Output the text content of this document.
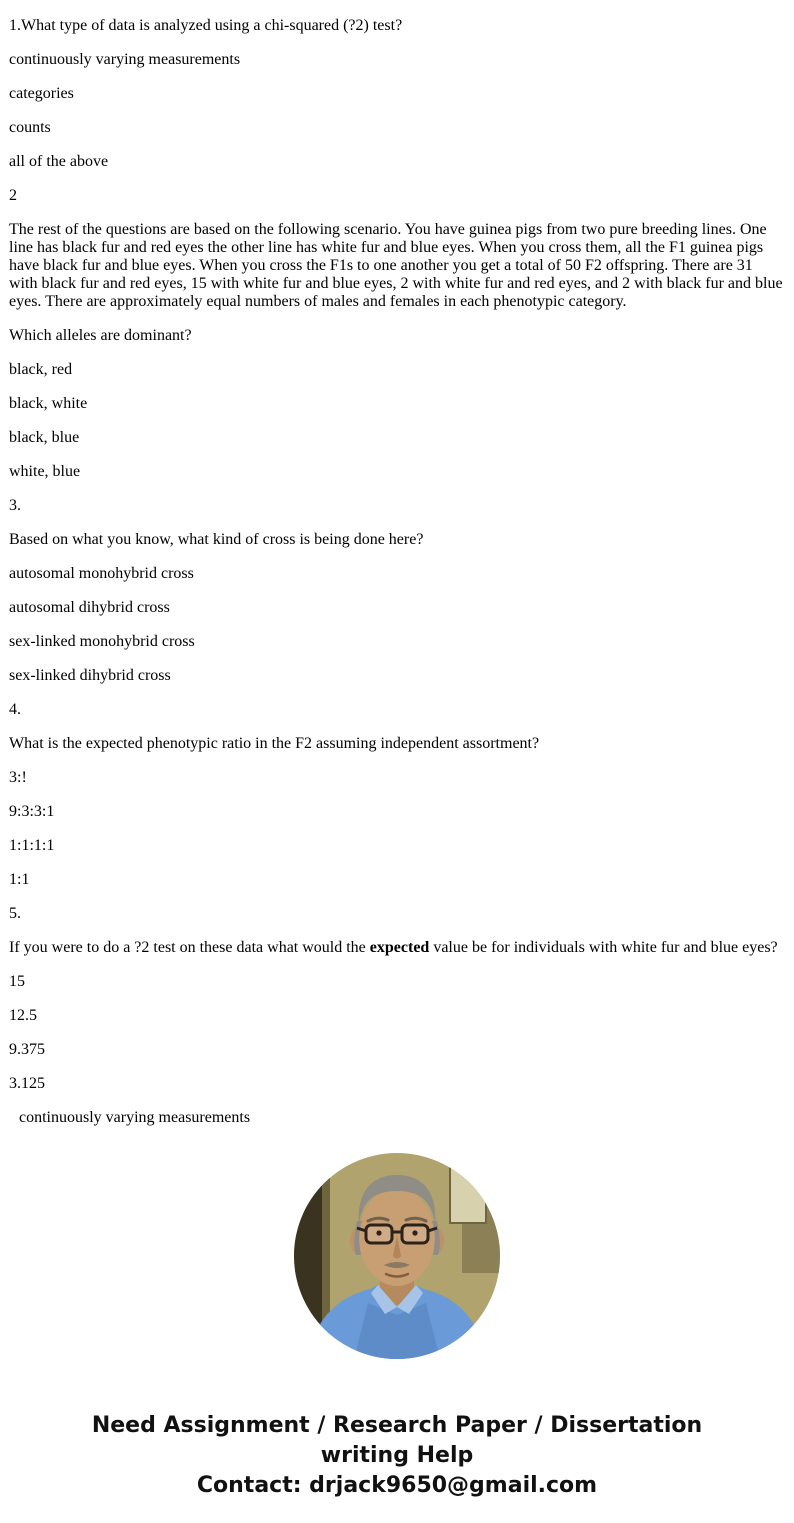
1.What type of data is analyzed using a chi-squared (?2) test?

continuously varying measurements

categories

counts

all of the above

2

The rest of the questions are based on the following scenario. You have guinea pigs from two pure breeding lines. One line has black fur and red eyes the other line has white fur and blue eyes. When you cross them, all the F1 guinea pigs have black fur and blue eyes. When you cross the F1s to one another you get a total of 50 F2 offspring. There are 31 with black fur and red eyes, 15 with white fur and blue eyes, 2 with white fur and red eyes, and 2 with black fur and blue eyes. There are approximately equal numbers of males and females in each phenotypic category.

Which alleles are dominant?

black, red

black, white

black, blue

white, blue

3.

Based on what you know, what kind of cross is being done here?

autosomal monohybrid cross

autosomal dihybrid cross

sex-linked monohybrid cross

sex-linked dihybrid cross

4.

What is the expected phenotypic ratio in the F2 assuming independent assortment?

3:!

9:3:3:1

1:1:1:1

1:1

5.

If you were to do a ?2 test on these data what would the expected value be for individuals with white fur and blue eyes?

15

12.5

9.375

3.125

continuously varying measurements

Need Assignment / Research Paper / Dissertation
writing Help
Contact: drjack9650@gmail.com
